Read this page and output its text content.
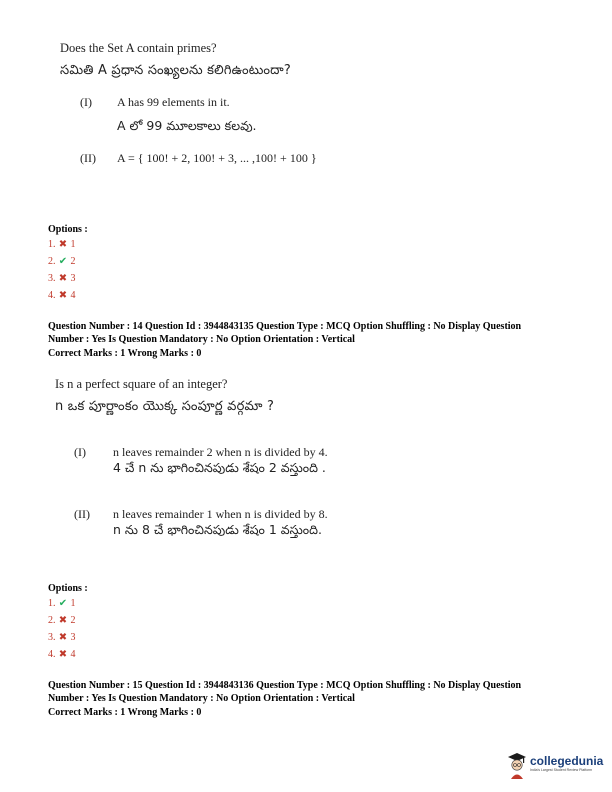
Does the Set A contain primes?
సమితి A ప్రధాన సంఖ్యలను కలిగిఉంటుందా?
(I) A has 99 elements in it.
A లో 99 మూలకాలు కలవు.
(II) A = { 100! + 2, 100! + 3, ... ,100! + 100 }
Options :
1. ✖ 1
2. ✔ 2
3. ✖ 3
4. ✖ 4
Question Number : 14 Question Id : 3944843135 Question Type : MCQ Option Shuffling : No Display Question
Number : Yes Is Question Mandatory : No Option Orientation : Vertical
Correct Marks : 1 Wrong Marks : 0
Is n a perfect square of an integer?
n ఒక పూర్ణాంకం యొక్క సంపూర్ణ వర్గమా ?
(I) n leaves remainder 2 when n is divided by 4.
4 చే n ను భాగించినపుడు శేషం 2 వస్తుంది .
(II) n leaves remainder 1 when n is divided by 8.
n ను 8 చే భాగించినపుడు శేషం 1 వస్తుంది.
Options :
1. ✔ 1
2. ✖ 2
3. ✖ 3
4. ✖ 4
Question Number : 15 Question Id : 3944843136 Question Type : MCQ Option Shuffling : No Display Question
Number : Yes Is Question Mandatory : No Option Orientation : Vertical
Correct Marks : 1 Wrong Marks : 0
collegedunia
India's Largest Student Review Platform
